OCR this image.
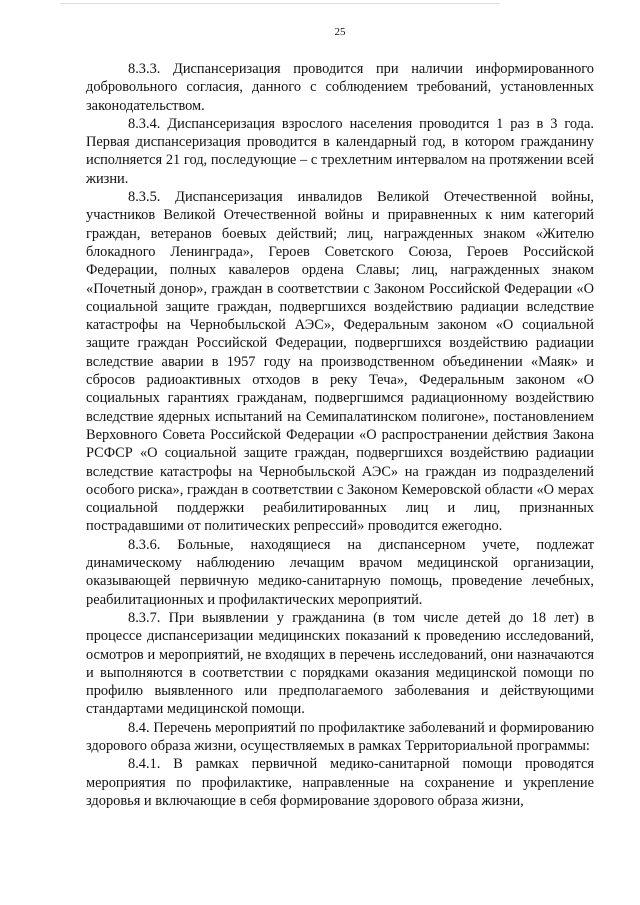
25

8.3.3. Диспансеризация проводится при наличии информированного добровольного согласия, данного с соблюдением требований, установленных законодательством.

8.3.4. Диспансеризация взрослого населения проводится 1 раз в 3 года. Первая диспансеризация проводится в календарный год, в котором гражданину исполняется 21 год, последующие – с трехлетним интервалом на протяжении всей жизни.

8.3.5. Диспансеризация инвалидов Великой Отечественной войны, участников Великой Отечественной войны и приравненных к ним категорий граждан, ветеранов боевых действий; лиц, награжденных знаком «Жителю блокадного Ленинграда», Героев Советского Союза, Героев Российской Федерации, полных кавалеров ордена Славы; лиц, награжденных знаком «Почетный донор», граждан в соответствии с Законом Российской Федерации «О социальной защите граждан, подвергшихся воздействию радиации вследствие катастрофы на Чернобыльской АЭС», Федеральным законом «О социальной защите граждан Российской Федерации, подвергшихся воздействию радиации вследствие аварии в 1957 году на производственном объединении «Маяк» и сбросов радиоактивных отходов в реку Теча», Федеральным законом «О социальных гарантиях гражданам, подвергшимся радиационному воздействию вследствие ядерных испытаний на Семипалатинском полигоне», постановлением Верховного Совета Российской Федерации «О распространении действия Закона РСФСР «О социальной защите граждан, подвергшихся воздействию радиации вследствие катастрофы на Чернобыльской АЭС» на граждан из подразделений особого риска», граждан в соответствии с Законом Кемеровской области «О мерах социальной поддержки реабилитированных лиц и лиц, признанных пострадавшими от политических репрессий» проводится ежегодно.

8.3.6. Больные, находящиеся на диспансерном учете, подлежат динамическому наблюдению лечащим врачом медицинской организации, оказывающей первичную медико-санитарную помощь, проведение лечебных, реабилитационных и профилактических мероприятий.

8.3.7. При выявлении у гражданина (в том числе детей до 18 лет) в процессе диспансеризации медицинских показаний к проведению исследований, осмотров и мероприятий, не входящих в перечень исследований, они назначаются и выполняются в соответствии с порядками оказания медицинской помощи по профилю выявленного или предполагаемого заболевания и действующими стандартами медицинской помощи.

8.4. Перечень мероприятий по профилактике заболеваний и формированию здорового образа жизни, осуществляемых в рамках Территориальной программы:

8.4.1. В рамках первичной медико-санитарной помощи проводятся мероприятия по профилактике, направленные на сохранение и укрепление здоровья и включающие в себя формирование здорового образа жизни,
